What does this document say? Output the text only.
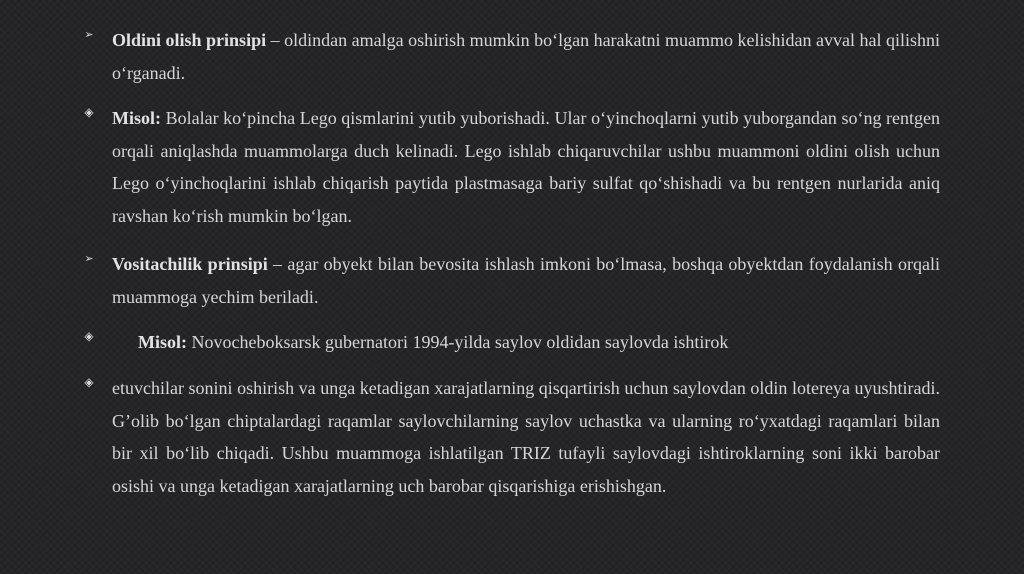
➢ Oldini olish prinsipi – oldindan amalga oshirish mumkin bo‘lgan harakatni muammo kelishidan avval hal qilishni o‘rganadi.
◈ Misol: Bolalar ko‘pincha Lego qismlarini yutib yuborishadi. Ular o‘yinchoqlarni yutib yuborgandan so‘ng rentgen orqali aniqlashda muammolarga duch kelinadi. Lego ishlab chiqaruvchilar ushbu muammoni oldini olish uchun Lego o‘yinchoqlarini ishlab chiqarish paytida plastmasaga bariy sulfat qo‘shishadi va bu rentgen nurlarida aniq ravshan ko‘rish mumkin bo‘lgan.
➢ Vositachilik prinsipi – agar obyekt bilan bevosita ishlash imkoni bo‘lmasa, boshqa obyektdan foydalanish orqali muammoga yechim beriladi.
◈	Misol: Novocheboksarsk gubernatori 1994-yilda saylov oldidan saylovda ishtirok
◈ etuvchilar sonini oshirish va unga ketadigan xarajatlarning qisqartirish uchun saylovdan oldin lotereya uyushtiradi. G’olib bo‘lgan chiptalardagi raqamlar saylovchilarning saylov uchastka va ularning ro‘yxatdagi raqamlari bilan bir xil bo‘lib chiqadi. Ushbu muammoga ishlatilgan TRIZ tufayli saylovdagi ishtiroklarning soni ikki barobar osishi va unga ketadigan xarajatlarning uch barobar qisqarishiga erishishgan.
